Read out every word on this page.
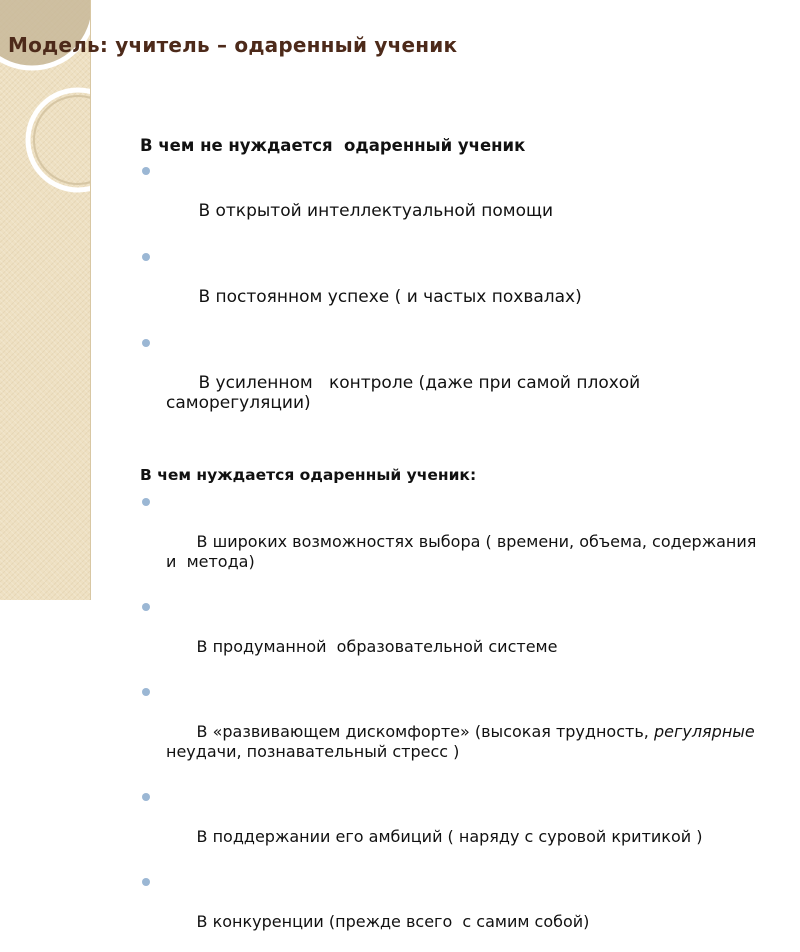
Модель: учитель – одаренный ученик

В чем не нуждается  одаренный ученик

В открытой интеллектуальной помощи

В постоянном успехе ( и частых похвалах)

В усиленном   контроле (даже при самой плохой саморегуляции)

В чем нуждается одаренный ученик:

В широких возможностях выбора ( времени, объема, содержания и  метода)

В продуманной  образовательной системе

В «развивающем дискомфорте» (высокая трудность, регулярные неудачи, познавательный стресс )

В поддержании его амбиций ( наряду с суровой критикой )

В конкуренции (прежде всего  с самим собой)
